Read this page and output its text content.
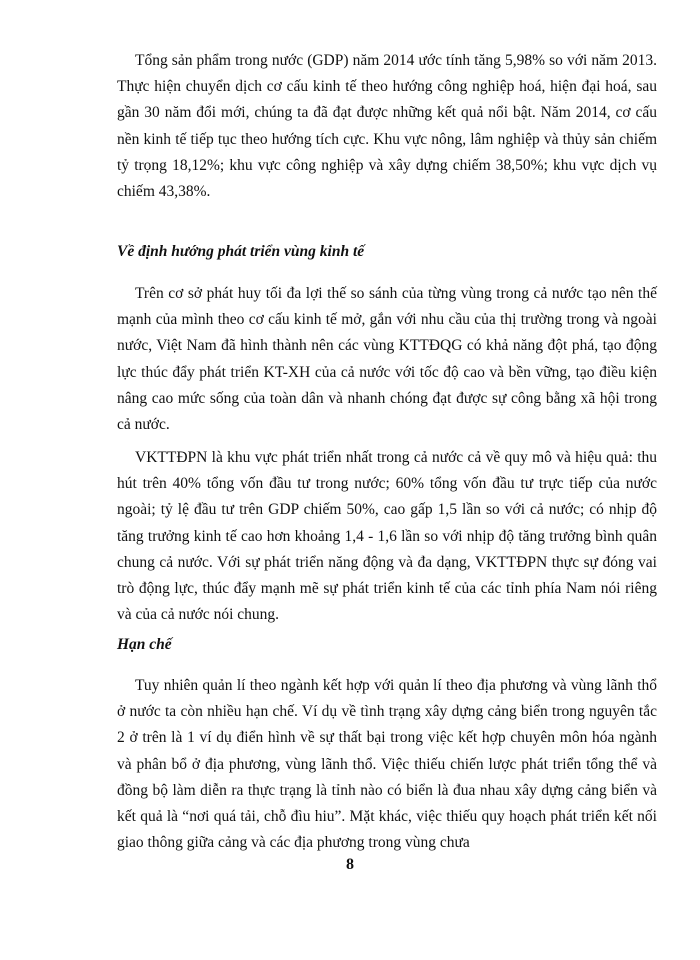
Tổng sản phẩm trong nước (GDP) năm 2014 ước tính tăng 5,98% so với năm 2013. Thực hiện chuyển dịch cơ cấu kinh tế theo hướng công nghiệp hoá, hiện đại hoá, sau gần 30 năm đổi mới, chúng ta đã đạt được những kết quả nổi bật. Năm 2014, cơ cấu nền kinh tế tiếp tục theo hướng tích cực. Khu vực nông, lâm nghiệp và thủy sản chiếm tỷ trọng 18,12%; khu vực công nghiệp và xây dựng chiếm 38,50%; khu vực dịch vụ chiếm 43,38%.

Về định hướng phát triển vùng kinh tế

Trên cơ sở phát huy tối đa lợi thế so sánh của từng vùng trong cả nước tạo nên thế mạnh của mình theo cơ cấu kinh tế mở, gắn với nhu cầu của thị trường trong và ngoài nước, Việt Nam đã hình thành nên các vùng KTTĐQG có khả năng đột phá, tạo động lực thúc đẩy phát triển KT-XH của cả nước với tốc độ cao và bền vững, tạo điều kiện nâng cao mức sống của toàn dân và nhanh chóng đạt được sự công bằng xã hội trong cả nước.

VKTTĐPN là khu vực phát triển nhất trong cả nước cả về quy mô và hiệu quả: thu hút trên 40% tổng vốn đầu tư trong nước; 60% tổng vốn đầu tư trực tiếp của nước ngoài; tỷ lệ đầu tư trên GDP chiếm 50%, cao gấp 1,5 lần so với cả nước; có nhịp độ tăng trưởng kinh tế cao hơn khoảng 1,4 - 1,6 lần so với nhịp độ tăng trưởng bình quân chung cả nước. Với sự phát triển năng động và đa dạng, VKTTĐPN thực sự đóng vai trò động lực, thúc đẩy mạnh mẽ sự phát triển kinh tế của các tỉnh phía Nam nói riêng và của cả nước nói chung.

Hạn chế

Tuy nhiên quản lí theo ngành kết hợp với quản lí theo địa phương và vùng lãnh thổ ở nước ta còn nhiều hạn chế. Ví dụ về tình trạng xây dựng cảng biển trong nguyên tắc 2 ở trên là 1 ví dụ điển hình về sự thất bại trong việc kết hợp chuyên môn hóa ngành và phân bổ ở địa phương, vùng lãnh thổ. Việc thiếu chiến lược phát triển tổng thể và đồng bộ làm diễn ra thực trạng là tỉnh nào có biển là đua nhau xây dựng cảng biển và kết quả là “nơi quá tải, chỗ đìu hiu”. Mặt khác, việc thiếu quy hoạch phát triển kết nối giao thông giữa cảng và các địa phương trong vùng chưa

8
